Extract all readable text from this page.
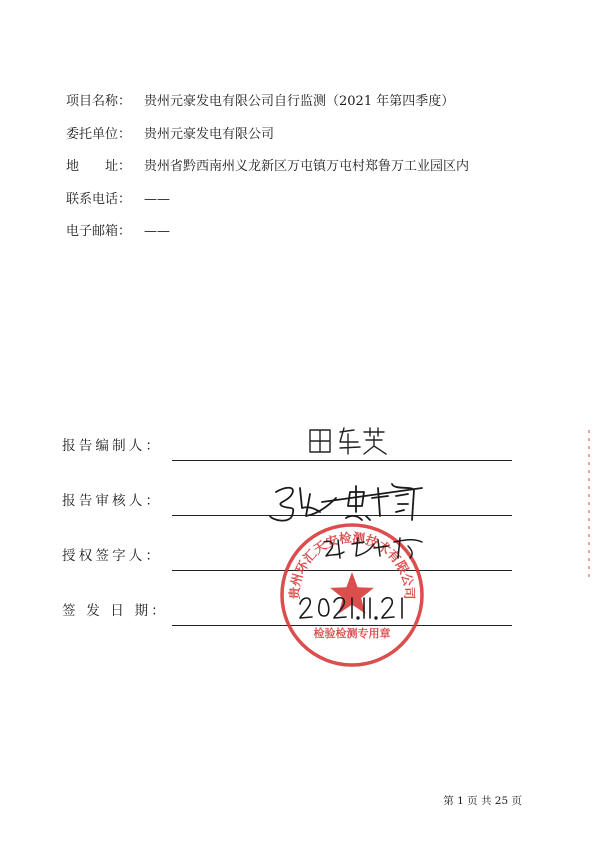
项目名称： 贵州元豪发电有限公司自行监测（2021 年第四季度）
委托单位： 贵州元豪发电有限公司
地　　址： 贵州省黔西南州义龙新区万屯镇万屯村郑鲁万工业园区内
联系电话： ——
电子邮箱： ——
报告编制人：
报告审核人：
授权签字人：
签 发 日 期：
贵州环汇天安检测技术有限公司
检验检测专用章
第 1 页 共 25 页
